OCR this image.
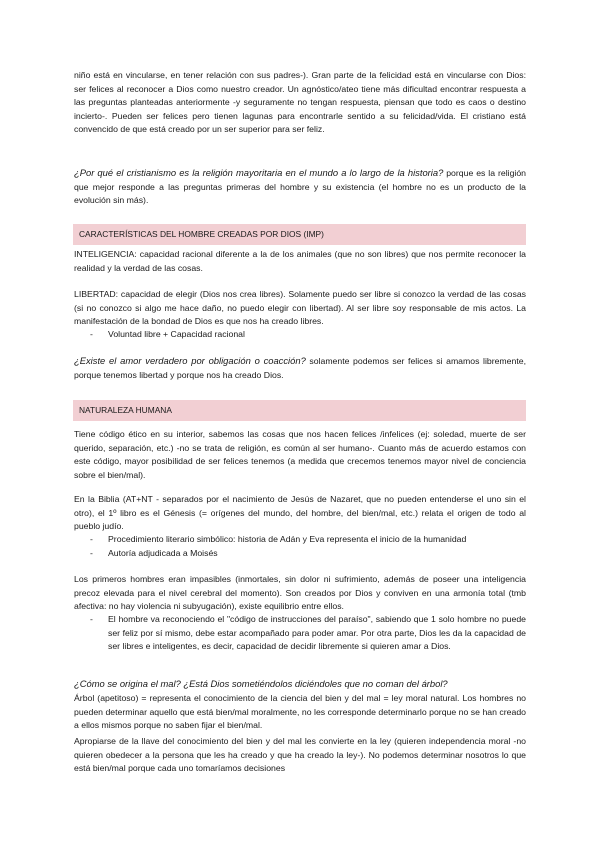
niño está en vincularse, en tener relación con sus padres-). Gran parte de la felicidad está en vincularse con Dios: ser felices al reconocer a Dios como nuestro creador. Un agnóstico/ateo tiene más dificultad encontrar respuesta a las preguntas planteadas anteriormente -y seguramente no tengan respuesta, piensan que todo es caos o destino incierto-. Pueden ser felices pero tienen lagunas para encontrarle sentido a su felicidad/vida. El cristiano está convencido de que está creado por un ser superior para ser feliz.

¿Por qué el cristianismo es la religión mayoritaria en el mundo a lo largo de la historia? porque es la religión que mejor responde a las preguntas primeras del hombre y su existencia (el hombre no es un producto de la evolución sin más).

CARACTERÍSTICAS DEL HOMBRE CREADAS POR DIOS (IMP)

INTELIGENCIA: capacidad racional diferente a la de los animales (que no son libres) que nos permite reconocer la realidad y la verdad de las cosas.

LIBERTAD: capacidad de elegir (Dios nos crea libres). Solamente puedo ser libre si conozco la verdad de las cosas (si no conozco si algo me hace daño, no puedo elegir con libertad). Al ser libre soy responsable de mis actos. La manifestación de la bondad de Dios es que nos ha creado libres.

- Voluntad libre + Capacidad racional

¿Existe el amor verdadero por obligación o coacción? solamente podemos ser felices si amamos libremente, porque tenemos libertad y porque nos ha creado Dios.

NATURALEZA HUMANA

Tiene código ético en su interior, sabemos las cosas que nos hacen felices /infelices (ej: soledad, muerte de ser querido, separación, etc.) -no se trata de religión, es común al ser humano-. Cuanto más de acuerdo estamos con este código, mayor posibilidad de ser felices tenemos (a medida que crecemos tenemos mayor nivel de conciencia sobre el bien/mal).

En la Biblia (AT+NT - separados por el nacimiento de Jesús de Nazaret, que no pueden entenderse el uno sin el otro), el 1º libro es el Génesis (= orígenes del mundo, del hombre, del bien/mal, etc.) relata el origen de todo al pueblo judío.

- Procedimiento literario simbólico: historia de Adán y Eva representa el inicio de la humanidad
- Autoría adjudicada a Moisés

Los primeros hombres eran impasibles (inmortales, sin dolor ni sufrimiento, además de poseer una inteligencia precoz elevada para el nivel cerebral del momento). Son creados por Dios y conviven en una armonía total (tmb afectiva: no hay violencia ni subyugación), existe equilibrio entre ellos.

- El hombre va reconociendo el "código de instrucciones del paraíso", sabiendo que 1 solo hombre no puede ser feliz por sí mismo, debe estar acompañado para poder amar. Por otra parte, Dios les da la capacidad de ser libres e inteligentes, es decir, capacidad de decidir libremente si quieren amar a Dios.

¿Cómo se origina el mal? ¿Está Dios sometiéndolos diciéndoles que no coman del árbol?

Árbol (apetitoso) = representa el conocimiento de la ciencia del bien y del mal = ley moral natural. Los hombres no pueden determinar aquello que está bien/mal moralmente, no les corresponde determinarlo porque no se han creado a ellos mismos porque no saben fijar el bien/mal.

Apropiarse de la llave del conocimiento del bien y del mal les convierte en la ley (quieren independencia moral -no quieren obedecer a la persona que les ha creado y que ha creado la ley-). No podemos determinar nosotros lo que está bien/mal porque cada uno tomaríamos decisiones
